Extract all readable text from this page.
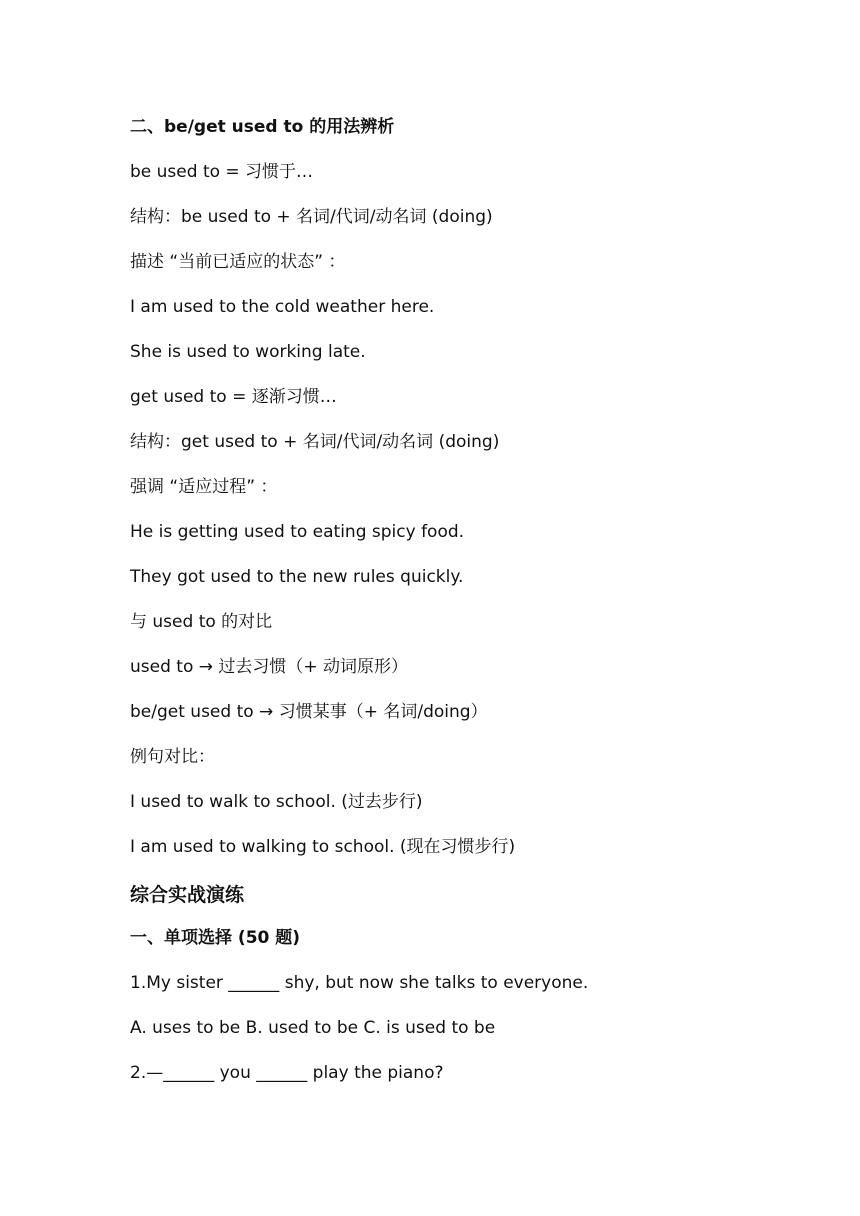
二、be/get used to 的用法辨析
be used to = 习惯于…
结构：be used to + 名词/代词/动名词 (doing)
描述 “当前已适应的状态” ：
I am used to the cold weather here.
She is used to working late.
get used to = 逐渐习惯…
结构：get used to + 名词/代词/动名词 (doing)
强调 “适应过程” ：
He is getting used to eating spicy food.
They got used to the new rules quickly.
与 used to 的对比
used to → 过去习惯（+ 动词原形）
be/get used to → 习惯某事（+ 名词/doing）
例句对比：
I used to walk to school. (过去步行)
I am used to walking to school. (现在习惯步行)
综合实战演练
一、单项选择 (50 题)
1.My sister ______ shy, but now she talks to everyone.
A. uses to be B. used to be C. is used to be
2.—______ you ______ play the piano?
